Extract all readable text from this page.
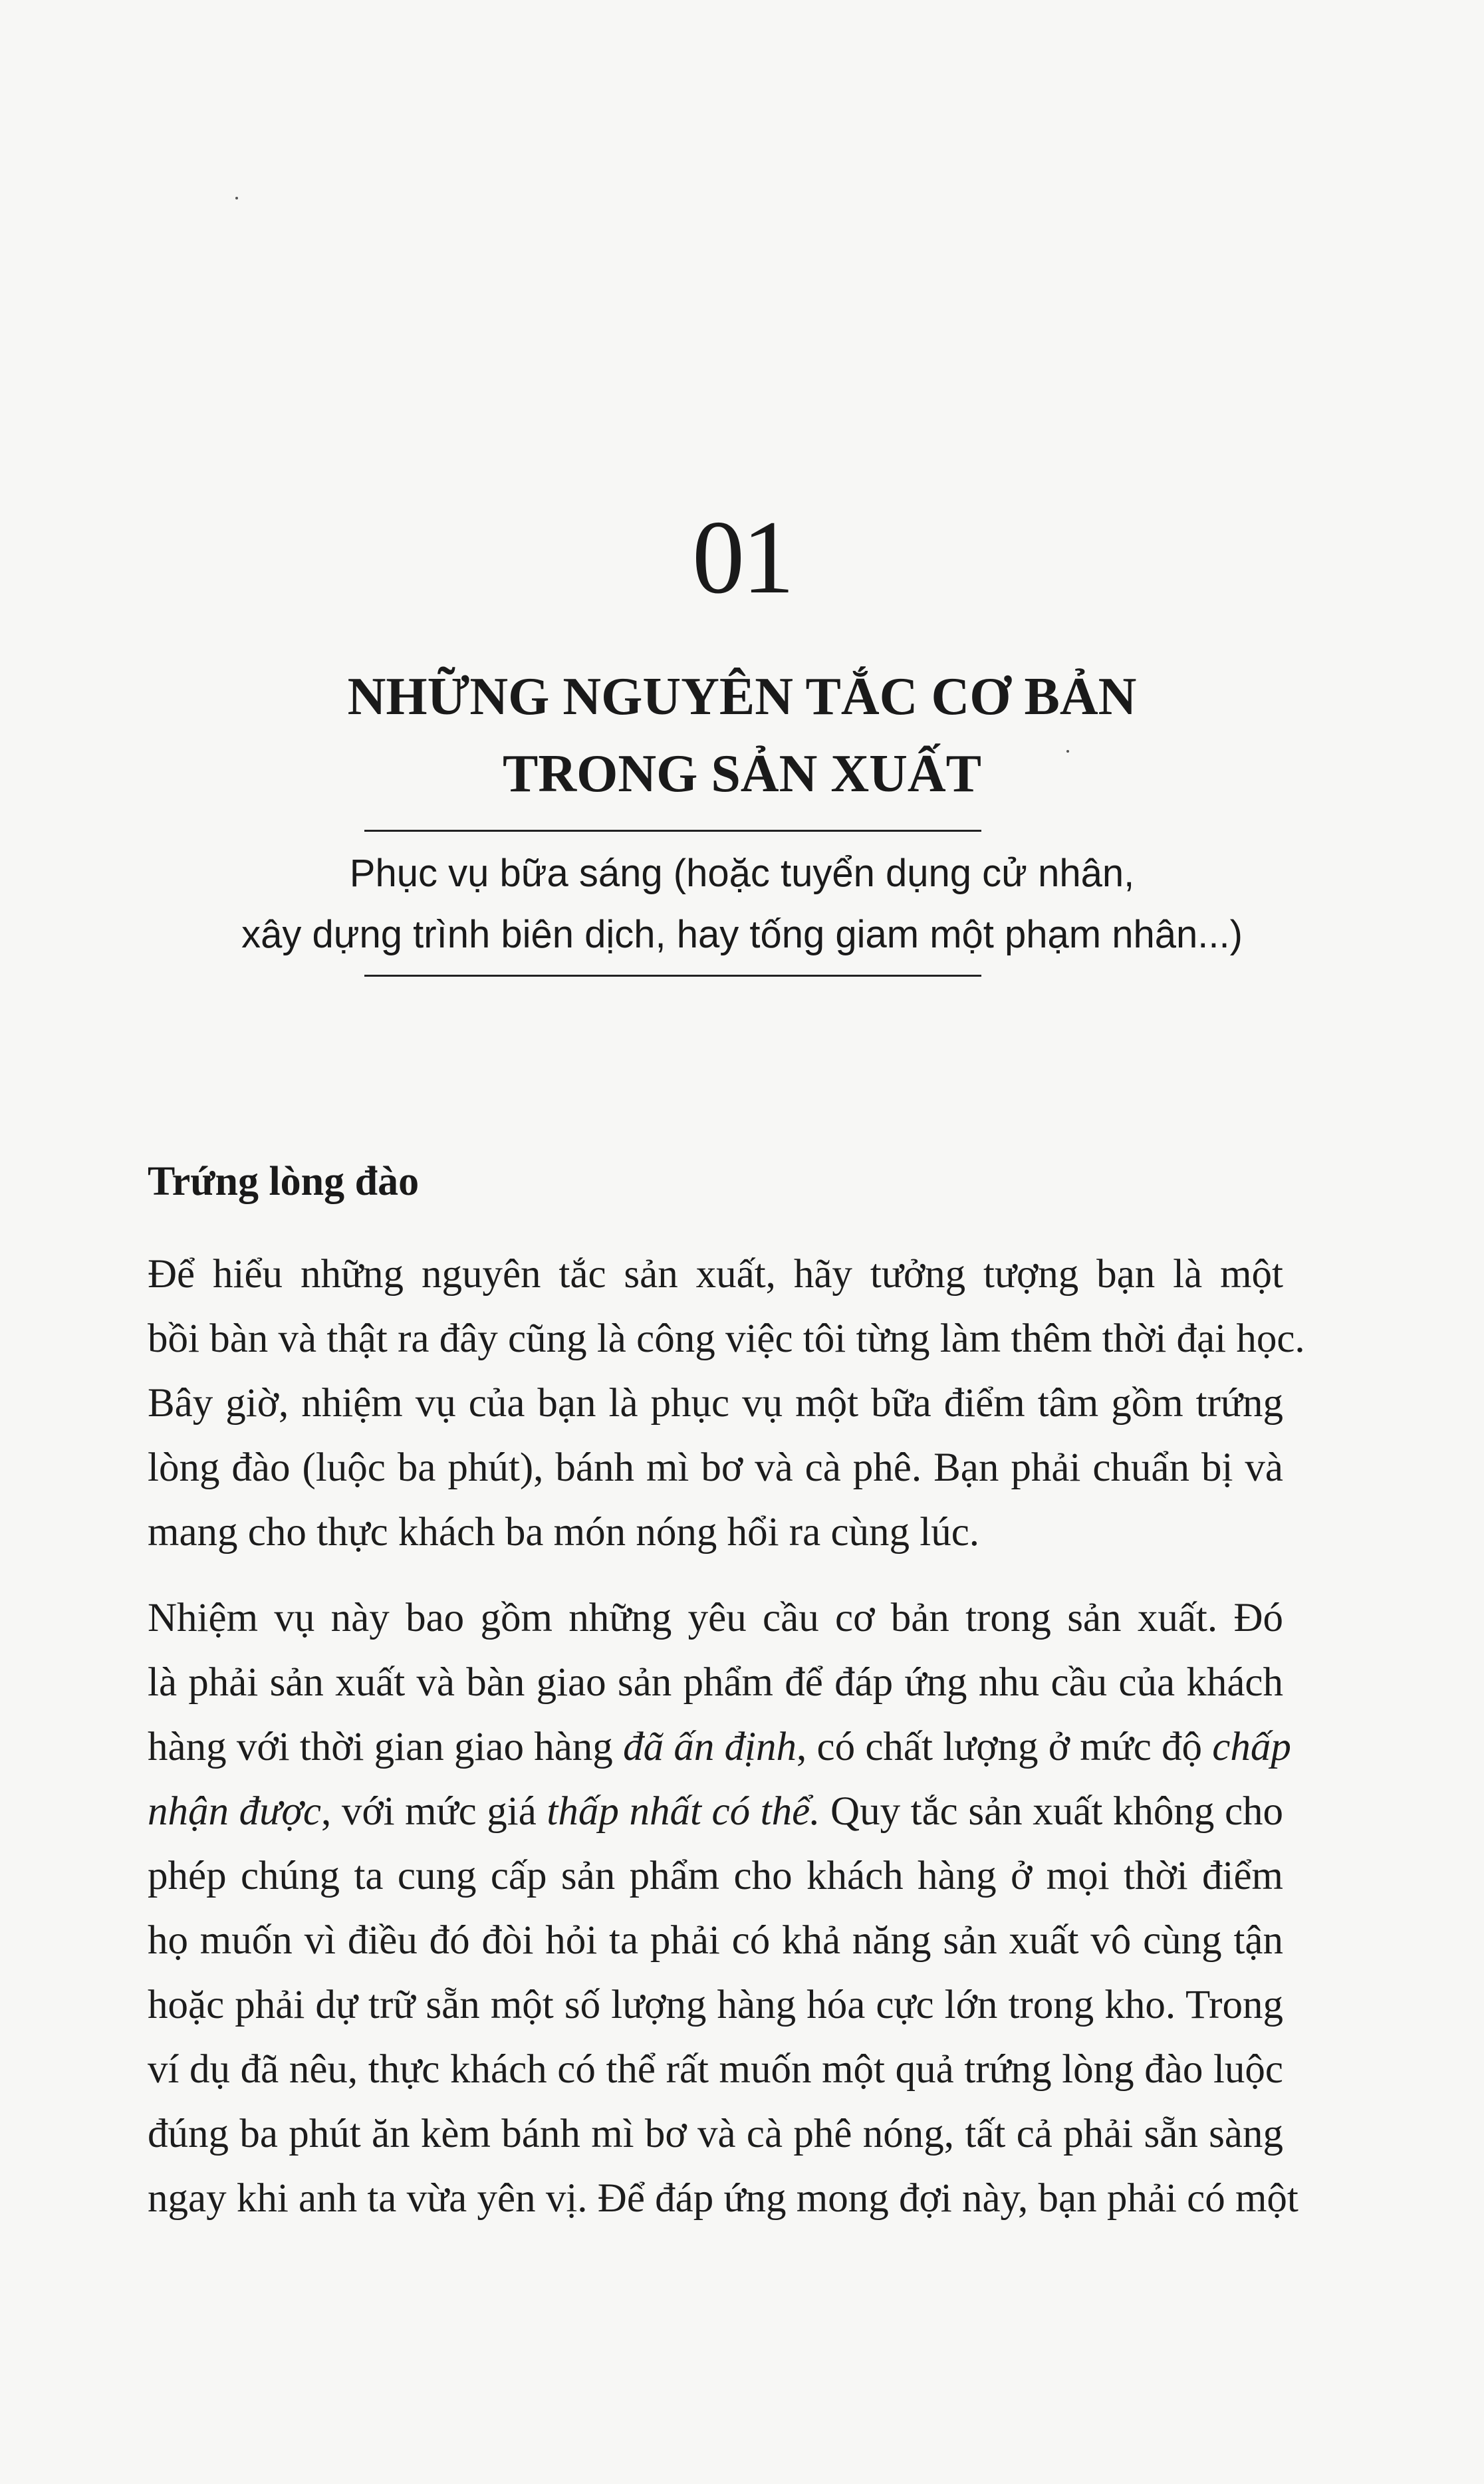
01
NHỮNG NGUYÊN TẮC CƠ BẢN
TRONG SẢN XUẤT
Phục vụ bữa sáng (hoặc tuyển dụng cử nhân,
xây dựng trình biên dịch, hay tống giam một phạm nhân...)
Trứng lòng đào

Để hiểu những nguyên tắc sản xuất, hãy tưởng tượng bạn là một
bồi bàn và thật ra đây cũng là công việc tôi từng làm thêm thời đại học.
Bây giờ, nhiệm vụ của bạn là phục vụ một bữa điểm tâm gồm trứng
lòng đào (luộc ba phút), bánh mì bơ và cà phê. Bạn phải chuẩn bị và
mang cho thực khách ba món nóng hổi ra cùng lúc.

Nhiệm vụ này bao gồm những yêu cầu cơ bản trong sản xuất. Đó
là phải sản xuất và bàn giao sản phẩm để đáp ứng nhu cầu của khách
hàng với thời gian giao hàng đã ấn định, có chất lượng ở mức độ chấp
nhận được, với mức giá thấp nhất có thể. Quy tắc sản xuất không cho
phép chúng ta cung cấp sản phẩm cho khách hàng ở mọi thời điểm
họ muốn vì điều đó đòi hỏi ta phải có khả năng sản xuất vô cùng tận
hoặc phải dự trữ sẵn một số lượng hàng hóa cực lớn trong kho. Trong
ví dụ đã nêu, thực khách có thể rất muốn một quả trứng lòng đào luộc
đúng ba phút ăn kèm bánh mì bơ và cà phê nóng, tất cả phải sẵn sàng
ngay khi anh ta vừa yên vị. Để đáp ứng mong đợi này, bạn phải có một
